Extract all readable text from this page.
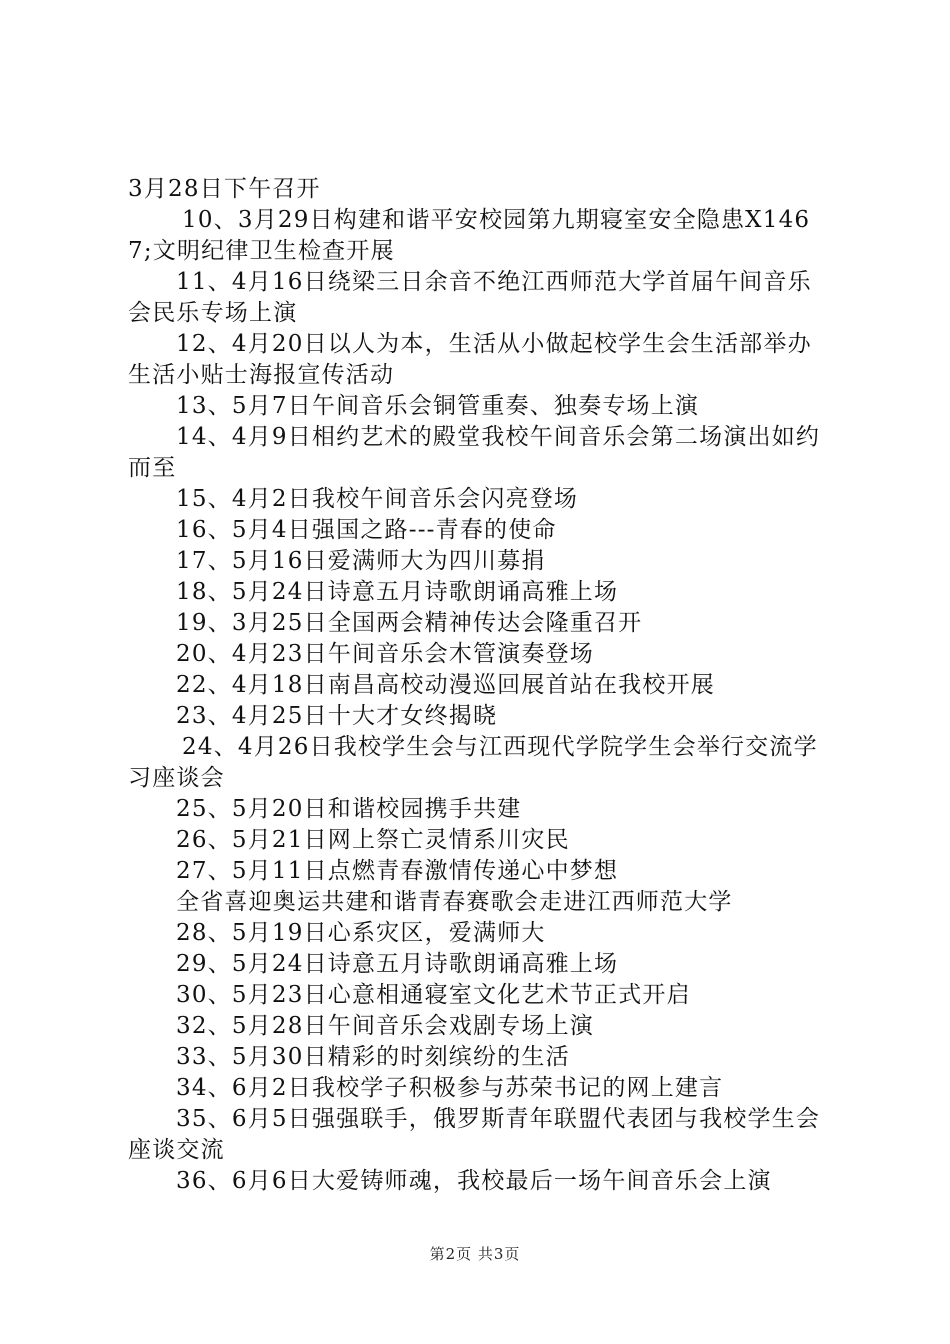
3月28日下午召开

10、3月29日构建和谐平安校园第九期寝室安全隐患X1467;文明纪律卫生检查开展

11、4月16日绕梁三日余音不绝江西师范大学首届午间音乐会民乐专场上演

12、4月20日以人为本，生活从小做起校学生会生活部举办生活小贴士海报宣传活动

13、5月7日午间音乐会铜管重奏、独奏专场上演

14、4月9日相约艺术的殿堂我校午间音乐会第二场演出如约而至

15、4月2日我校午间音乐会闪亮登场

16、5月4日强国之路---青春的使命

17、5月16日爱满师大为四川募捐

18、5月24日诗意五月诗歌朗诵高雅上场

19、3月25日全国两会精神传达会隆重召开

20、4月23日午间音乐会木管演奏登场

22、4月18日南昌高校动漫巡回展首站在我校开展

23、4月25日十大才女终揭晓

24、4月26日我校学生会与江西现代学院学生会举行交流学习座谈会

25、5月20日和谐校园携手共建

26、5月21日网上祭亡灵情系川灾民

27、5月11日点燃青春激情传递心中梦想

全省喜迎奥运共建和谐青春赛歌会走进江西师范大学

28、5月19日心系灾区，爱满师大

29、5月24日诗意五月诗歌朗诵高雅上场

30、5月23日心意相通寝室文化艺术节正式开启

32、5月28日午间音乐会戏剧专场上演

33、5月30日精彩的时刻缤纷的生活

34、6月2日我校学子积极参与苏荣书记的网上建言

35、6月5日强强联手，俄罗斯青年联盟代表团与我校学生会座谈交流

36、6月6日大爱铸师魂，我校最后一场午间音乐会上演

第2页 共3页
